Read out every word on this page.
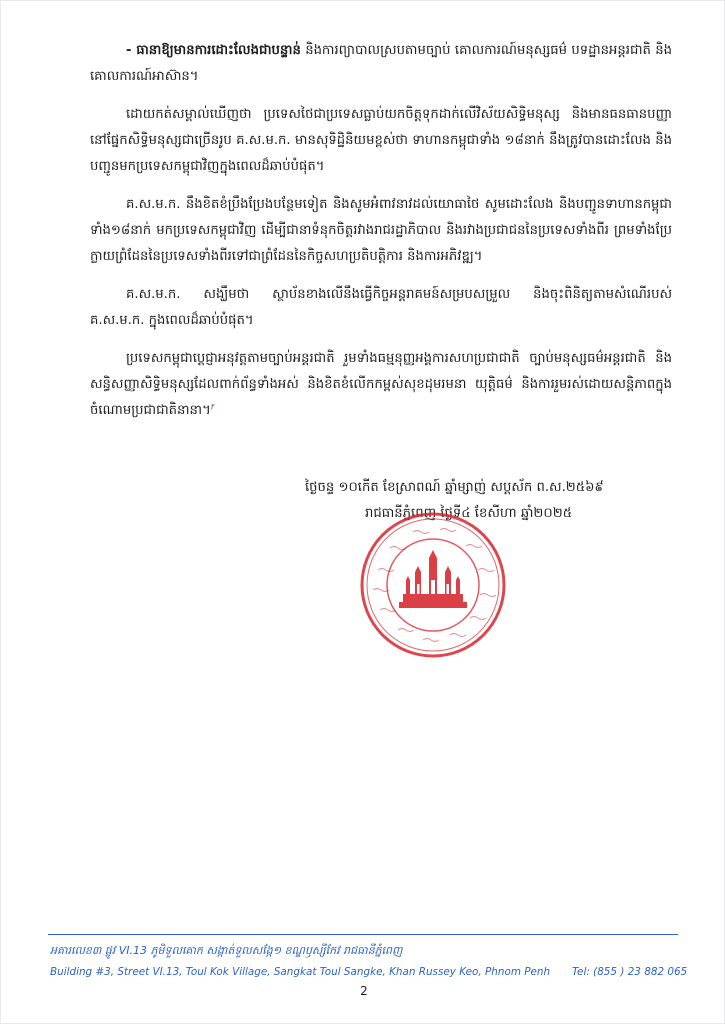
- ធានាឱ្យមានការដោះលែងជាបន្ទាន់ និងការព្យាបាលស្របតាមច្បាប់ គោលការណ៍មនុស្សធម៌ បទដ្ឋានអន្តរជាតិ និងគោលការណ៍អាស៊ាន។

ដោយកត់សម្គាល់ឃើញថា ប្រទេសថៃជាប្រទេសធ្លាប់យកចិត្តទុកដាក់លើវិស័យសិទ្ធិមនុស្ស និងមានធនធានបញ្ញានៅផ្នែកសិទ្ធិមនុស្សជាច្រើនរូប គ.ស.ម.ក. មានសុទិដ្ឋិនិយមខ្ពស់ថា ទាហានកម្ពុជាទាំង ១៨នាក់ នឹងត្រូវបានដោះលែង និងបញ្ជូនមកប្រទេសកម្ពុជាវិញក្នុងពេលដ៏ឆាប់បំផុត។

គ.ស.ម.ក. នឹងខិតខំប្រឹងប្រែងបន្ថែមទៀត និងសូមអំពាវនាវដល់យោធាថៃ សូមដោះលែង និងបញ្ជូនទាហានកម្ពុជាទាំង១៨នាក់ មកប្រទេសកម្ពុជាវិញ ដើម្បីជានាទំនុកចិត្តរវាងរាជរដ្ឋាភិបាល និងរវាងប្រជាជននៃប្រទេសទាំងពីរ ព្រមទាំងប្រែក្លាយព្រំដែននៃប្រទេសទាំងពីរទៅជាព្រំដែននៃកិច្ចសហប្រតិបត្តិការ និងការអភិវឌ្ឍ។

គ.ស.ម.ក. សង្ឃឹមថា ស្ថាប័នខាងលើនឹងធ្វើកិច្ចអន្តរាគមន៍សម្របសម្រួល និងចុះពិនិត្យតាមសំណើរបស់ គ.ស.ម.ក. ក្នុងពេលដ៏ឆាប់បំផុត។

ប្រទេសកម្ពុជាប្តេជ្ញាអនុវត្តតាមច្បាប់អន្តរជាតិ រួមទាំងធម្មនុញ្ញអង្គការសហប្រជាជាតិ ច្បាប់មនុស្សធម៌អន្តរជាតិ និងសន្ធិសញ្ញាសិទ្ធិមនុស្សដែលពាក់ព័ន្ធទាំងអស់ និងខិតខំលើកកម្ពស់សុខដុមរមនា យុត្តិធម៌ និងការរួមរស់ដោយសន្តិភាពក្នុងចំណោមប្រជាជាតិនានា។ᶠ

ថ្ងៃចន្ទ ១០កើត ខែស្រាពណ៍ ឆ្នាំម្សាញ់ សប្តស័ក ព.ស.២៥៦៩
រាជធានីភ្នំពេញ ថ្ងៃទី៤ ខែសីហា ឆ្នាំ២០២៥
អគារលេខ៣ ផ្លូវ VI.13 ភូមិទួលគោក សង្កាត់ទួលសង្កែ១ ខណ្ឌឫស្សីកែវ រាជធានីភ្នំពេញ
Building #3, Street VI.13, Toul Kok Village, Sangkat Toul Sangke, Khan Russey Keo, Phnom Penh Tel: (855 ) 23 882 065
2
